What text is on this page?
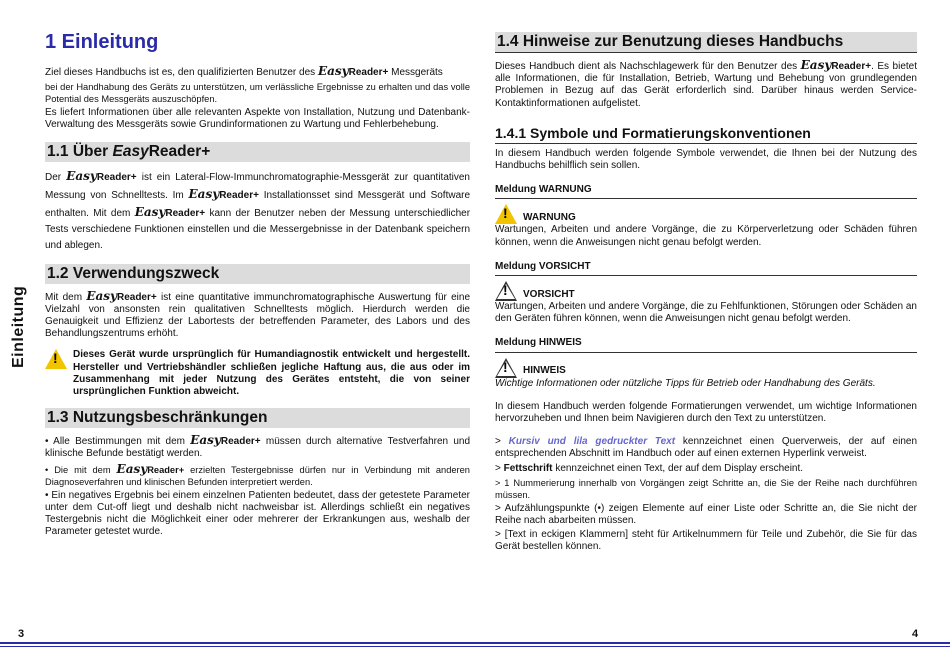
Einleitung
1 Einleitung

Ziel dieses Handbuchs ist es, den qualifizierten Benutzer des EasyReader+ Messgeräts

bei der Handhabung des Geräts zu unterstützen, um verlässliche Ergebnisse zu erhalten und das volle Potential des Messgeräts auszuschöpfen.

Es liefert Informationen über alle relevanten Aspekte von Installation, Nutzung und Datenbank-Verwaltung des Messgeräts sowie Grundinformationen zu Wartung und Fehlerbehebung.

1.1 Über EasyReader+

Der EasyReader+ ist ein Lateral-Flow-Immunchromatographie-Messgerät zur quantitativen Messung von Schnelltests. Im EasyReader+ Installationsset sind Messgerät und Software enthalten. Mit dem EasyReader+ kann der Benutzer neben der Messung unterschiedlicher Tests verschiedene Funktionen einstellen und die Messergebnisse in der Datenbank speichern und ablegen.

1.2 Verwendungszweck

Mit dem EasyReader+ ist eine quantitative immunchromatographische Auswertung für eine Vielzahl von ansonsten rein qualitativen Schnelltests möglich. Hierdurch werden die Genauigkeit und Effizienz der Labortests der betreffenden Parameter, des Labors und des Behandlungszentrums erhöht.

!
Dieses Gerät wurde ursprünglich für Humandiagnostik entwickelt und hergestellt. Hersteller und Vertriebshändler schließen jegliche Haftung aus, die aus oder im Zusammenhang mit jeder Nutzung des Gerätes entsteht, die von seiner ursprünglichen Funktion abweicht.
1.3 Nutzungsbeschränkungen

• Alle Bestimmungen mit dem EasyReader+ müssen durch alternative Testverfahren und klinische Befunde bestätigt werden.

• Die mit dem EasyReader+ erzielten Testergebnisse dürfen nur in Verbindung mit anderen Diagnoseverfahren und klinischen Befunden interpretiert werden.

• Ein negatives Ergebnis bei einem einzelnen Patienten bedeutet, dass der getestete Parameter unter dem Cut-off liegt und deshalb nicht nachweisbar ist. Allerdings schließt ein negatives Testergebnis nicht die Möglichkeit einer oder mehrerer der Erkrankungen aus, weshalb der Parameter getestet wurde.

3
1.4 Hinweise zur Benutzung dieses Handbuchs

Dieses Handbuch dient als Nachschlagewerk für den Benutzer des EasyReader+. Es bietet alle Informationen, die für Installation, Betrieb, Wartung und Behebung von grundlegenden Problemen in Bezug auf das Gerät erforderlich sind. Darüber hinaus werden Service-Kontaktinformationen aufgelistet.

1.4.1 Symbole und Formatierungskonventionen

In diesem Handbuch werden folgende Symbole verwendet, die Ihnen bei der Nutzung des Handbuchs behilflich sein sollen.

Meldung WARNUNG
!
WARNUNG

Wartungen, Arbeiten und andere Vorgänge, die zu Körperverletzung oder Schäden führen können, wenn die Anweisungen nicht genau befolgt werden.

Meldung VORSICHT
!
VORSICHT

Wartungen, Arbeiten und andere Vorgänge, die zu Fehlfunktionen, Störungen oder Schäden an den Geräten führen können, wenn die Anweisungen nicht genau befolgt werden.

Meldung HINWEIS
!
HINWEIS

Wichtige Informationen oder nützliche Tipps für Betrieb oder Handhabung des Geräts.

In diesem Handbuch werden folgende Formatierungen verwendet, um wichtige Informationen hervorzuheben und Ihnen beim Navigieren durch den Text zu unterstützen.

> Kursiv und lila gedruckter Text kennzeichnet einen Querverweis, der auf einen entsprechenden Abschnitt im Handbuch oder auf einen externen Hyperlink verweist.

> Fettschrift kennzeichnet einen Text, der auf dem Display erscheint.

> 1 Nummerierung innerhalb von Vorgängen zeigt Schritte an, die Sie der Reihe nach durchführen müssen.

> Aufzählungspunkte (•) zeigen Elemente auf einer Liste oder Schritte an, die Sie nicht der Reihe nach abarbeiten müssen.

> [Text in eckigen Klammern] steht für Artikelnummern für Teile und Zubehör, die Sie für das Gerät bestellen können.

4
